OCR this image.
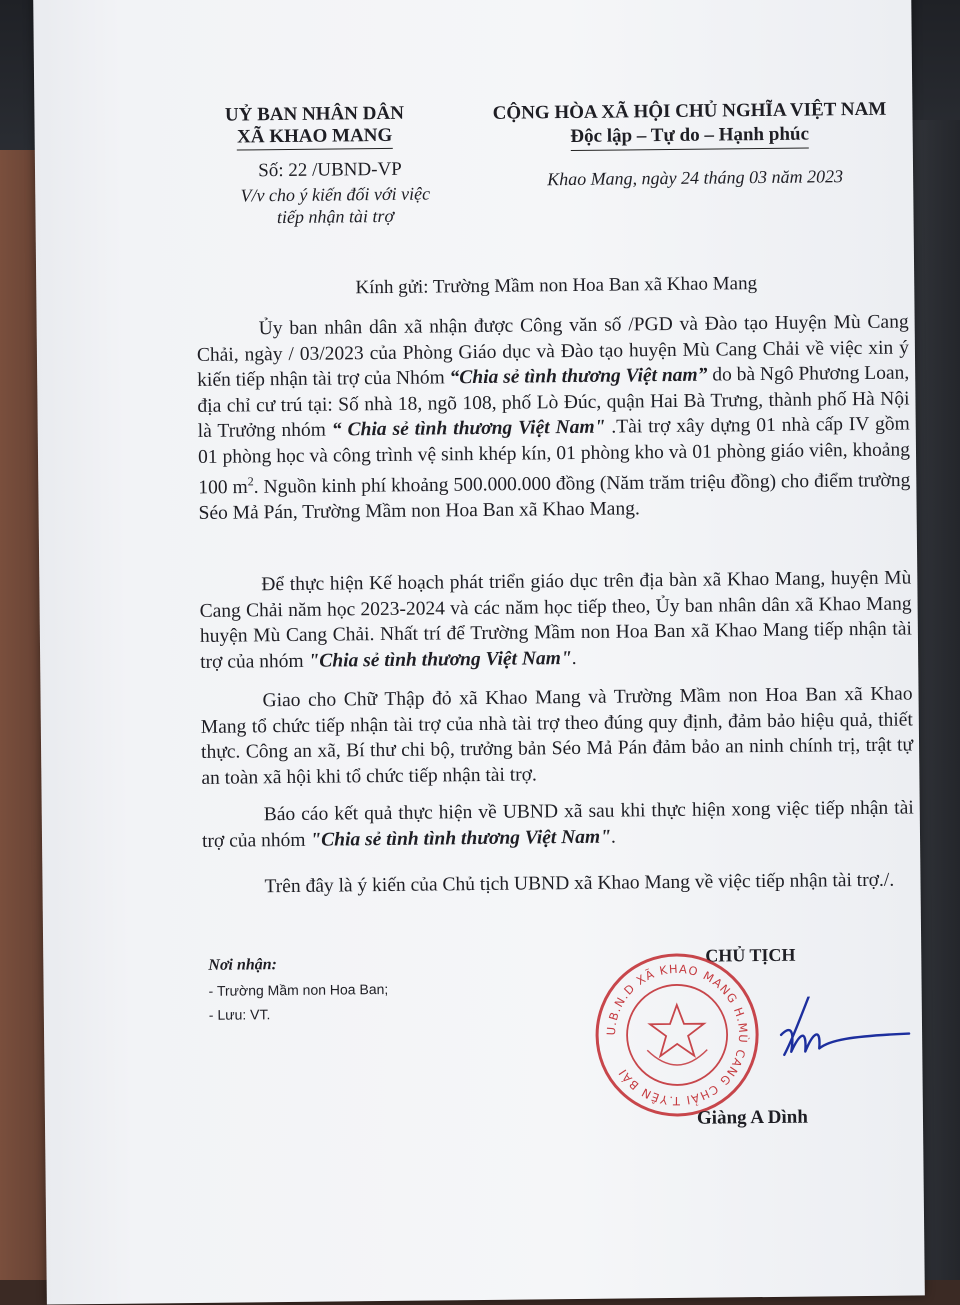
UỶ BAN NHÂN DÂN
XÃ KHAO MANG
CỘNG HÒA XÃ HỘI CHỦ NGHĨA VIỆT NAM
Độc lập – Tự do – Hạnh phúc
Số: 22 /UBND-VP
V/v cho ý kiến đối với việc
tiếp nhận tài trợ
Khao Mang, ngày 24 tháng 03 năm 2023
Kính gửi: Trường Mầm non Hoa Ban xã Khao Mang
Ủy ban nhân dân xã nhận được Công văn số /PGD và Đào tạo Huyện Mù Cang Chải, ngày / 03/2023 của Phòng Giáo dục và Đào tạo huyện Mù Cang Chải về việc xin ý kiến tiếp nhận tài trợ của Nhóm “Chia sẻ tình thương Việt nam” do bà Ngô Phương Loan, địa chỉ cư trú tại: Số nhà 18, ngõ 108, phố Lò Đúc, quận Hai Bà Trưng, thành phố Hà Nội là Trưởng nhóm “ Chia sẻ tình thương Việt Nam" .Tài trợ xây dựng 01 nhà cấp IV gồm 01 phòng học và công trình vệ sinh khép kín, 01 phòng kho và 01 phòng giáo viên, khoảng 100 $m^2$. Nguồn kinh phí khoảng 500.000.000 đồng (Năm trăm triệu đồng) cho điểm trường Séo Mả Pán, Trường Mầm non Hoa Ban xã Khao Mang.
Để thực hiện Kế hoạch phát triển giáo dục trên địa bàn xã Khao Mang, huyện Mù Cang Chải năm học 2023-2024 và các năm học tiếp theo, Ủy ban nhân dân xã Khao Mang huyện Mù Cang Chải. Nhất trí để Trường Mầm non Hoa Ban xã Khao Mang tiếp nhận tài trợ của nhóm "Chia sẻ tình thương Việt Nam".
Giao cho Chữ Thập đỏ xã Khao Mang và Trường Mầm non Hoa Ban xã Khao Mang tổ chức tiếp nhận tài trợ của nhà tài trợ theo đúng quy định, đảm bảo hiệu quả, thiết thực. Công an xã, Bí thư chi bộ, trưởng bản Séo Mả Pán đảm bảo an ninh chính trị, trật tự an toàn xã hội khi tổ chức tiếp nhận tài trợ.
Báo cáo kết quả thực hiện về UBND xã sau khi thực hiện xong việc tiếp nhận tài trợ của nhóm "Chia sẻ tình tình thương Việt Nam".
Trên đây là ý kiến của Chủ tịch UBND xã Khao Mang về việc tiếp nhận tài trợ./.
Nơi nhận:
- Trường Mầm non Hoa Ban;
- Lưu: VT.
CHỦ TỊCH
U.B.N.D XÃ KHAO MANG H.MÙ CANG CHẢI T.YÊN BÁI
Giàng A Dình
